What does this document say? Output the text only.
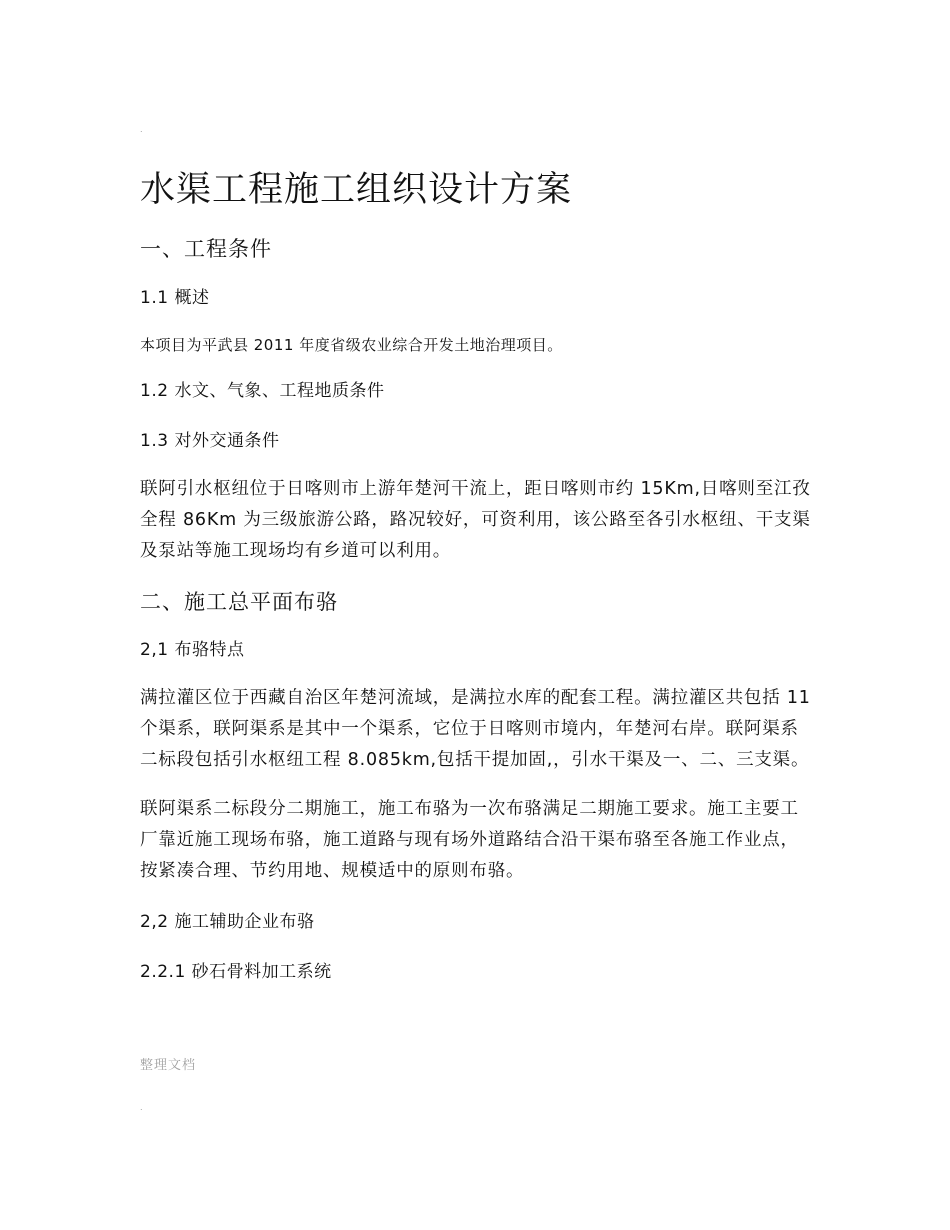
.
水渠工程施工组织设计方案
一、工程条件
1.1 概述

本项目为平武县 2011 年度省级农业综合开发土地治理项目。

1.2 水文、气象、工程地质条件
1.3 对外交通条件

联阿引水枢纽位于日喀则市上游年楚河干流上，距日喀则市约 15Km,日喀则至江孜全程 86Km 为三级旅游公路，路况较好，可资利用，该公路至各引水枢纽、干支渠及泵站等施工现场均有乡道可以利用。

二、施工总平面布骆
2,1 布骆特点

满拉灌区位于西藏自治区年楚河流域，是满拉水库的配套工程。满拉灌区共包括 11 个渠系，联阿渠系是其中一个渠系，它位于日喀则市境内，年楚河右岸。联阿渠系二标段包括引水枢纽工程 8.085km,包括干提加固,，引水干渠及一、二、三支渠。

联阿渠系二标段分二期施工，施工布骆为一次布骆满足二期施工要求。施工主要工厂靠近施工现场布骆，施工道路与现有场外道路结合沿干渠布骆至各施工作业点，按紧凑合理、节约用地、规模适中的原则布骆。

2,2 施工辅助企业布骆
2.2.1 砂石骨料加工系统
整理文档
.
